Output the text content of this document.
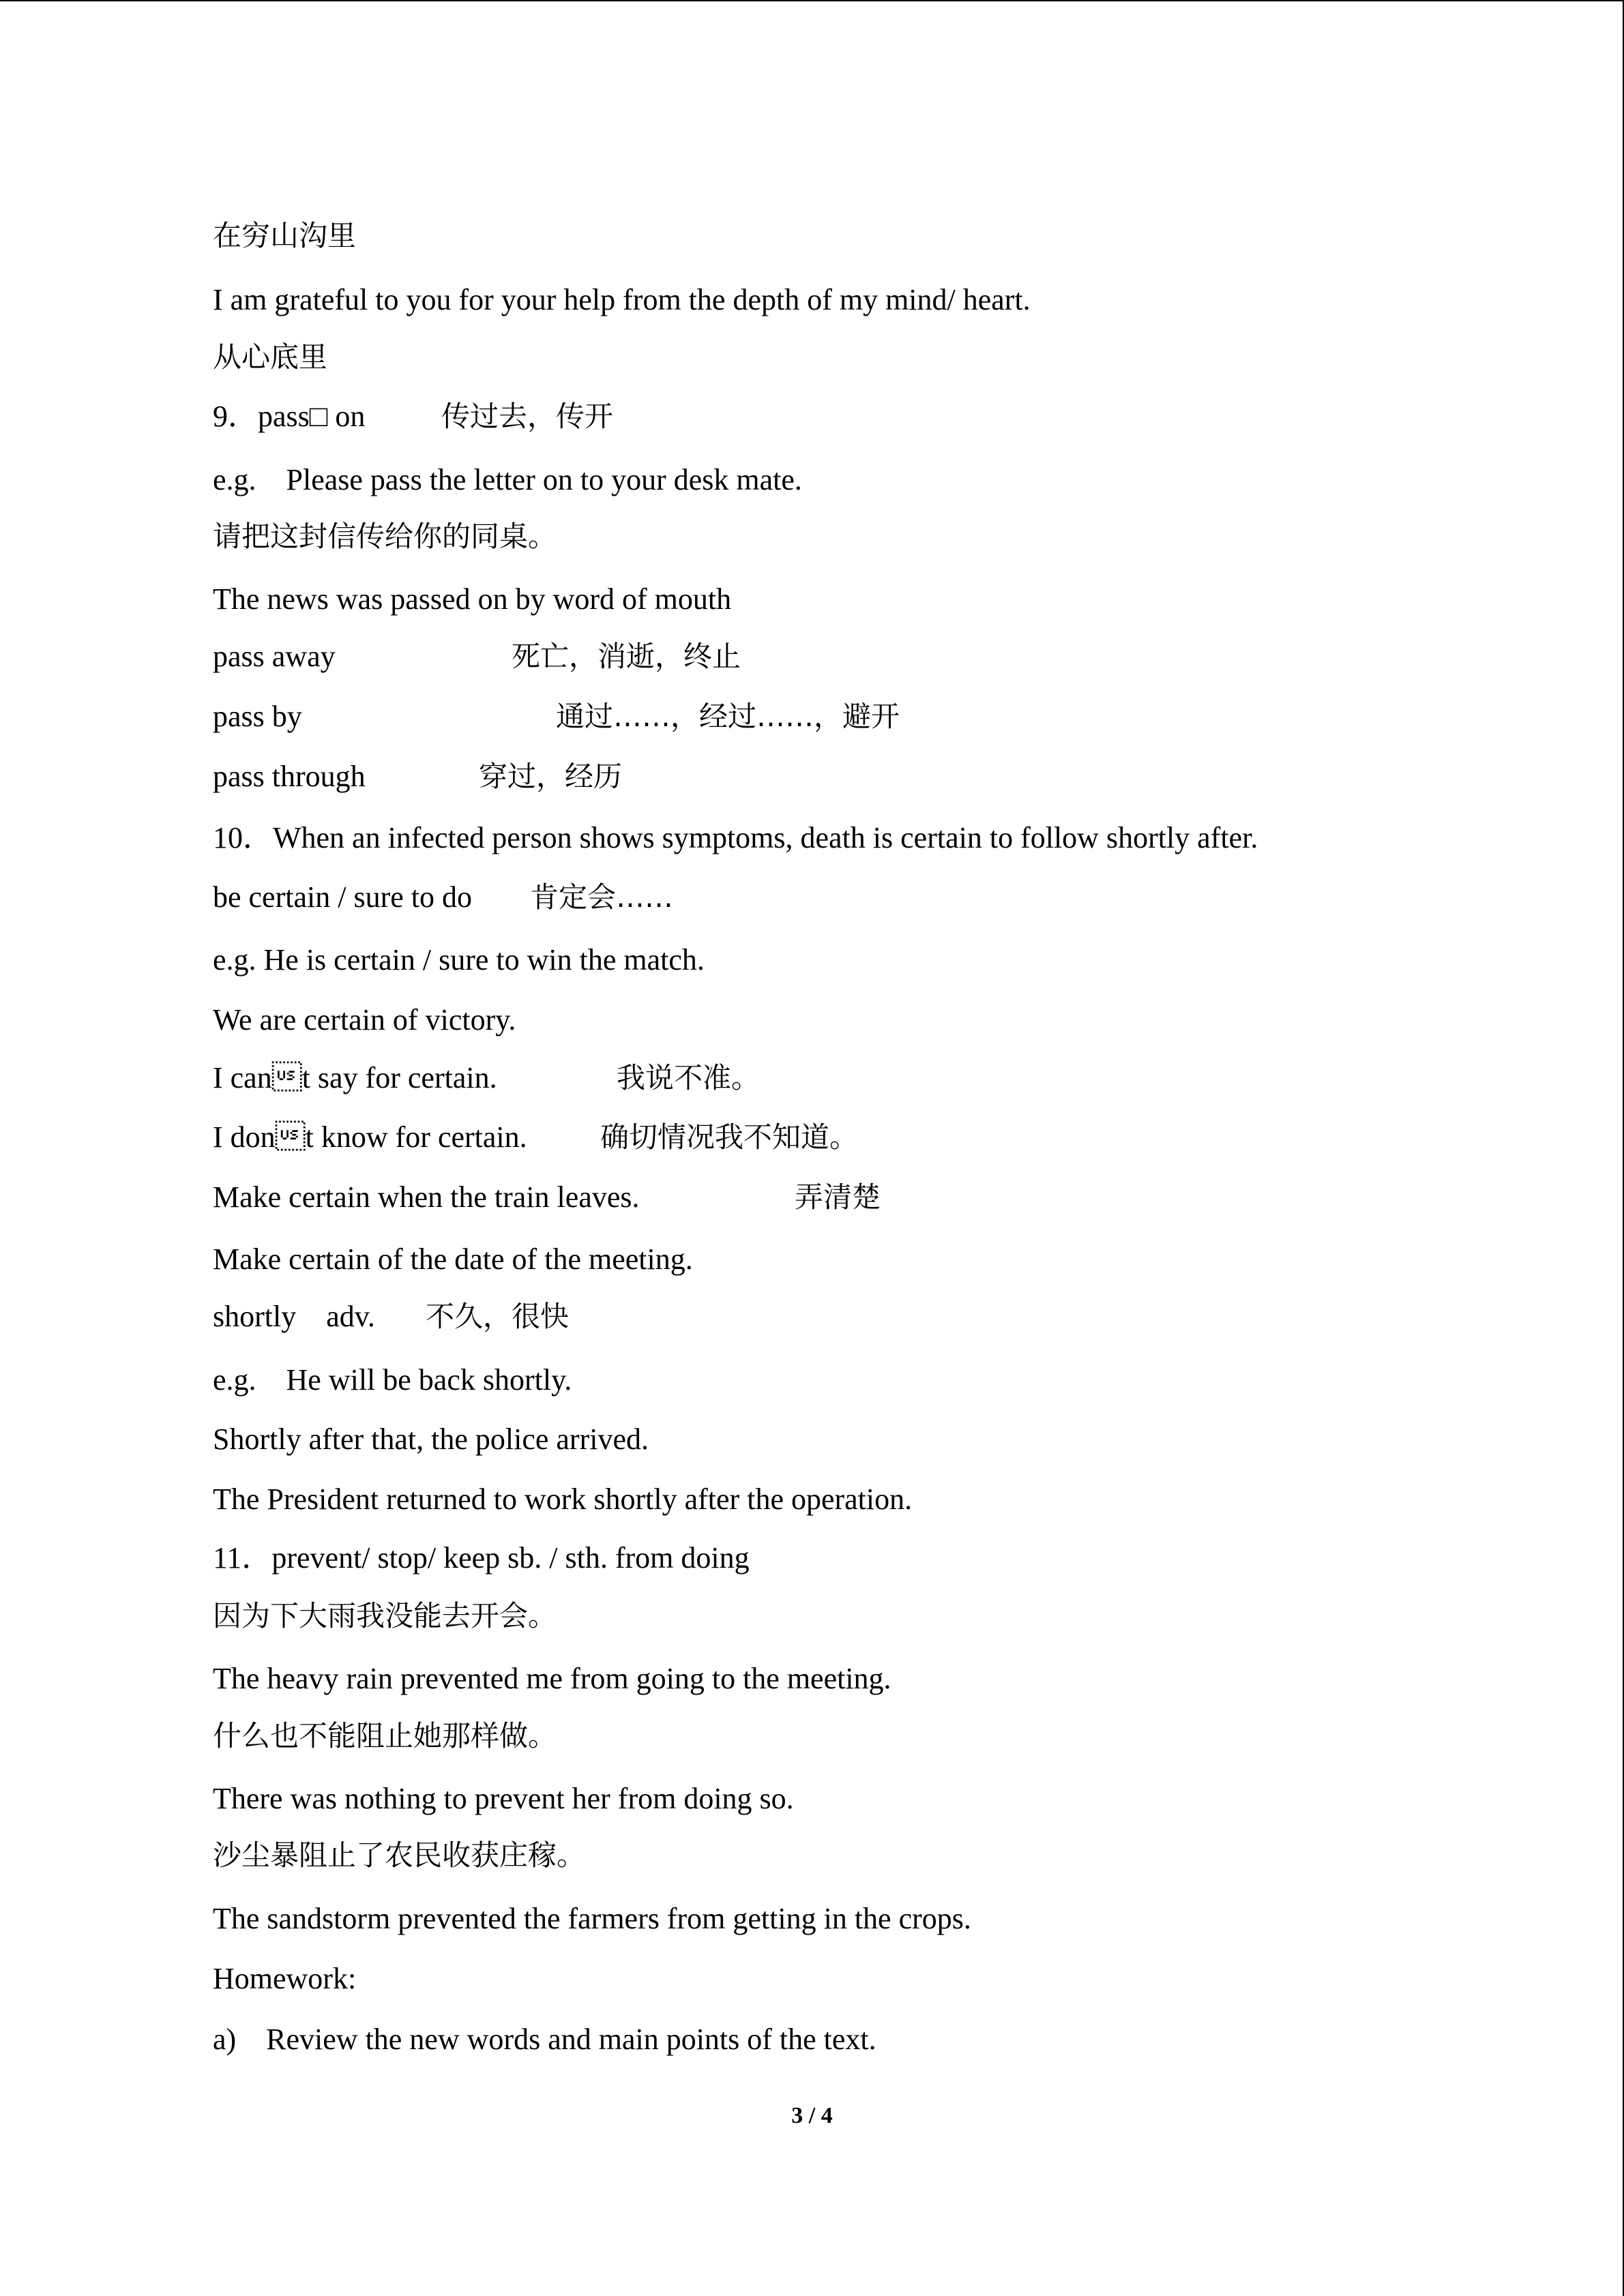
在穷山沟里
I am grateful to you for your help from the depth of my mind/ heart.
从心底里

9．pass□ on

	传过去，传开

e.g.　Please pass the letter on to your desk mate.
请把这封信传给你的同桌。
The news was passed on by word of mouth

pass away

	死亡，消逝，终止

pass by

	通过……，经过……，避开

pass through

	穿过，经历

10．When an infected person shows symptoms, death is certain to follow shortly after.

be certain / sure to do

肯定会……

e.g. He is certain / sure to win the match.
We are certain of victory.

I cant say for certain.

	我说不准。

I dont know for certain.

	确切情况我不知道。

Make certain when the train leaves.

	弄清楚

Make certain of the date of the meeting.

shortly　adv.

不久，很快

e.g.　He will be back shortly.
Shortly after that, the police arrived.
The President returned to work shortly after the operation.
11．prevent/ stop/ keep sb. / sth. from doing
因为下大雨我没能去开会。
The heavy rain prevented me from going to the meeting.
什么也不能阻止她那样做。
There was nothing to prevent her from doing so.
沙尘暴阻止了农民收获庄稼。
The sandstorm prevented the farmers from getting in the crops.
Homework:
a)　Review the new words and main points of the text.
3 / 4
